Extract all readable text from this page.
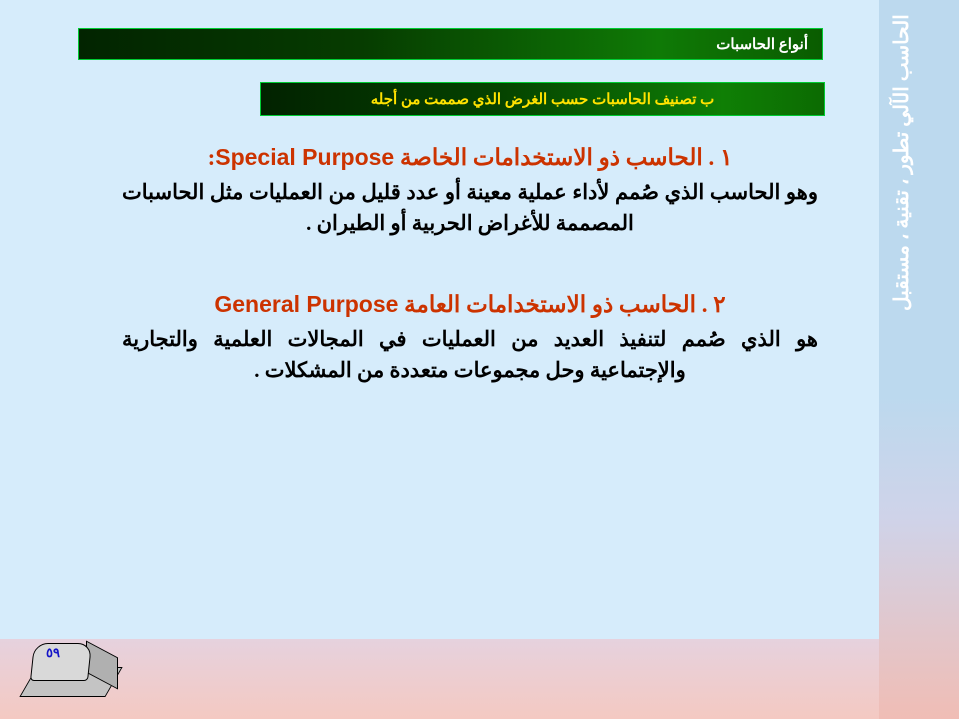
الحاسب الآلي تطور ، تقنية ، مستقبل
أنواع الحاسبات
ب تصنيف الحاسبات حسب الغرض الذي صممت من أجله
١ . الحاسب ذو الاستخدامات الخاصة Special Purpose:
وهو الحاسب الذي صُمم لأداء عملية معينة أو عدد قليل من العمليات مثل الحاسبات المصممة للأغراض الحربية أو الطيران .
٢ . الحاسب ذو الاستخدامات العامة General Purpose
هو الذي صُمم لتنفيذ العديد من العمليات في المجالات العلمية والتجارية والإجتماعية وحل مجموعات متعددة من المشكلات .
٥٩
